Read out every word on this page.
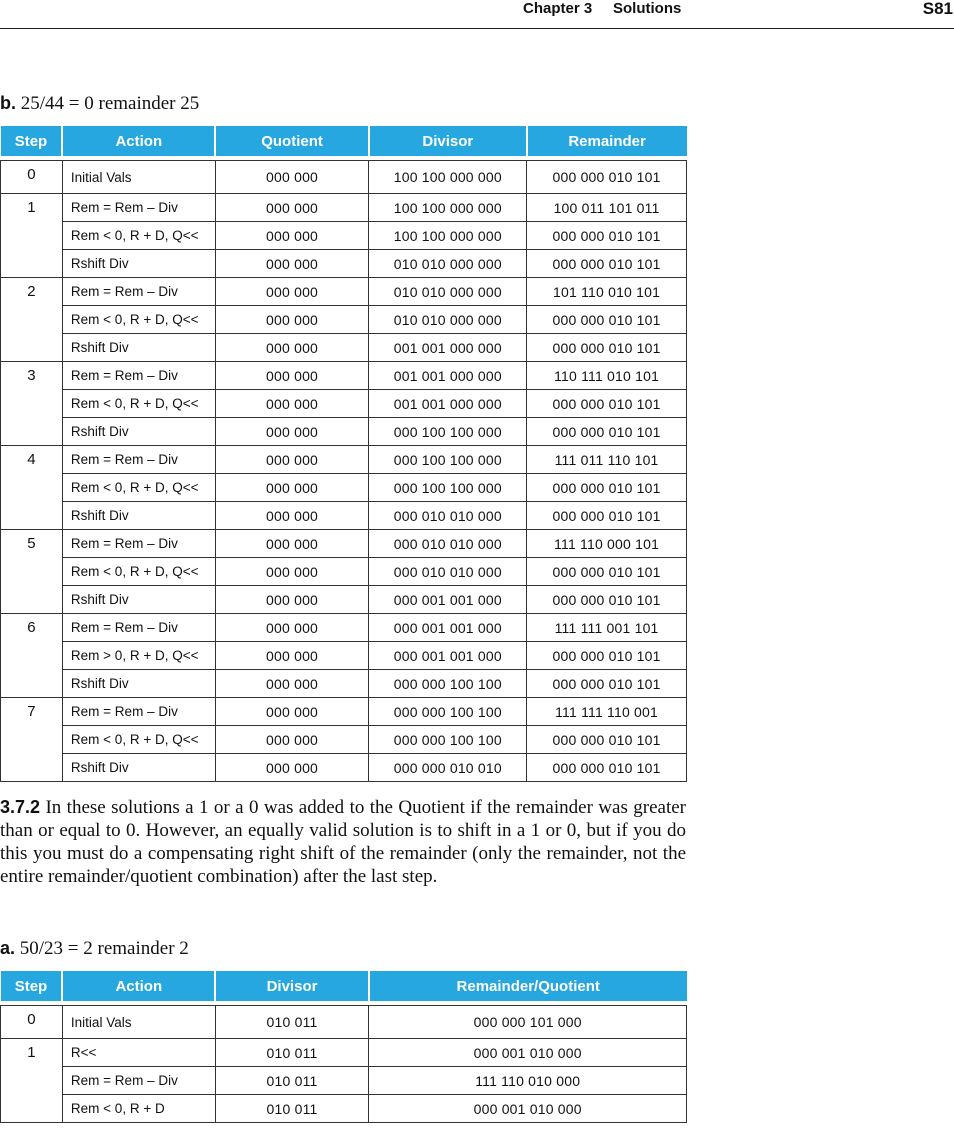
Chapter 3 Solutions	S81
b. 25/44 = 0 remainder 25
Step	Action	Quotient	Divisor	Remainder

0	Initial Vals	000 000	100 100 000 000	000 000 010 101
1	Rem = Rem – Div	000 000	100 100 000 000	100 011 101 011
	Rem < 0, R + D, Q<<	000 000	100 100 000 000	000 000 010 101
	Rshift Div	000 000	010 010 000 000	000 000 010 101
2	Rem = Rem – Div	000 000	010 010 000 000	101 110 010 101
	Rem < 0, R + D, Q<<	000 000	010 010 000 000	000 000 010 101
	Rshift Div	000 000	001 001 000 000	000 000 010 101
3	Rem = Rem – Div	000 000	001 001 000 000	110 111 010 101
	Rem < 0, R + D, Q<<	000 000	001 001 000 000	000 000 010 101
	Rshift Div	000 000	000 100 100 000	000 000 010 101
4	Rem = Rem – Div	000 000	000 100 100 000	111 011 110 101
	Rem < 0, R + D, Q<<	000 000	000 100 100 000	000 000 010 101
	Rshift Div	000 000	000 010 010 000	000 000 010 101
5	Rem = Rem – Div	000 000	000 010 010 000	111 110 000 101
	Rem < 0, R + D, Q<<	000 000	000 010 010 000	000 000 010 101
	Rshift Div	000 000	000 001 001 000	000 000 010 101
6	Rem = Rem – Div	000 000	000 001 001 000	111 111 001 101
	Rem > 0, R + D, Q<<	000 000	000 001 001 000	000 000 010 101
	Rshift Div	000 000	000 000 100 100	000 000 010 101
7	Rem = Rem – Div	000 000	000 000 100 100	111 111 110 001
	Rem < 0, R + D, Q<<	000 000	000 000 100 100	000 000 010 101
	Rshift Div	000 000	000 000 010 010	000 000 010 101

3.7.2 In these solutions a 1 or a 0 was added to the Quotient if the remainder was greater than or equal to 0. However, an equally valid solution is to shift in a 1 or 0, but if you do this you must do a compensating right shift of the remainder (only the remainder, not the entire remainder/quotient combination) after the last step.

a. 50/23 = 2 remainder 2
Step	Action	Divisor	Remainder/Quotient

0	Initial Vals	010 011	000 000 101 000
1	R<<	010 011	000 001 010 000
	Rem = Rem – Div	010 011	111 110 010 000
	Rem < 0, R + D	010 011	000 001 010 000
